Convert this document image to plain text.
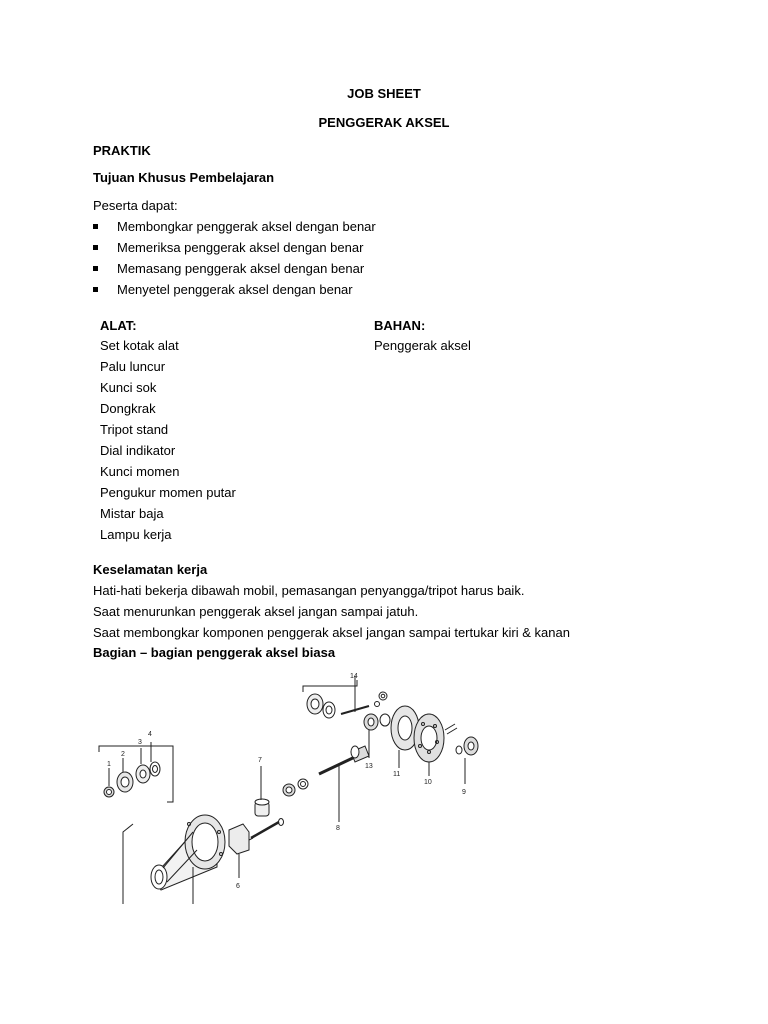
JOB SHEET
PENGGERAK AKSEL
PRAKTIK
Tujuan Khusus Pembelajaran
Peserta dapat:
Membongkar penggerak aksel dengan benar
Memeriksa penggerak aksel dengan benar
Memasang penggerak aksel dengan benar
Menyetel penggerak aksel dengan benar
ALAT:	BAHAN:
Set kotak alat
Palu luncur
Kunci sok
Dongkrak
Tripot stand
Dial indikator
Kunci momen
Pengukur momen putar
Mistar baja
Lampu kerja
Penggerak aksel
Keselamatan kerja
Hati-hati bekerja dibawah mobil, pemasangan penyangga/tripot harus baik.
Saat menurunkan penggerak aksel jangan sampai jatuh.
Saat membongkar komponen penggerak aksel jangan sampai tertukar kiri & kanan
Bagian – bagian penggerak aksel biasa
1
2
3
4
6
7
8
9
10
11
13
14
